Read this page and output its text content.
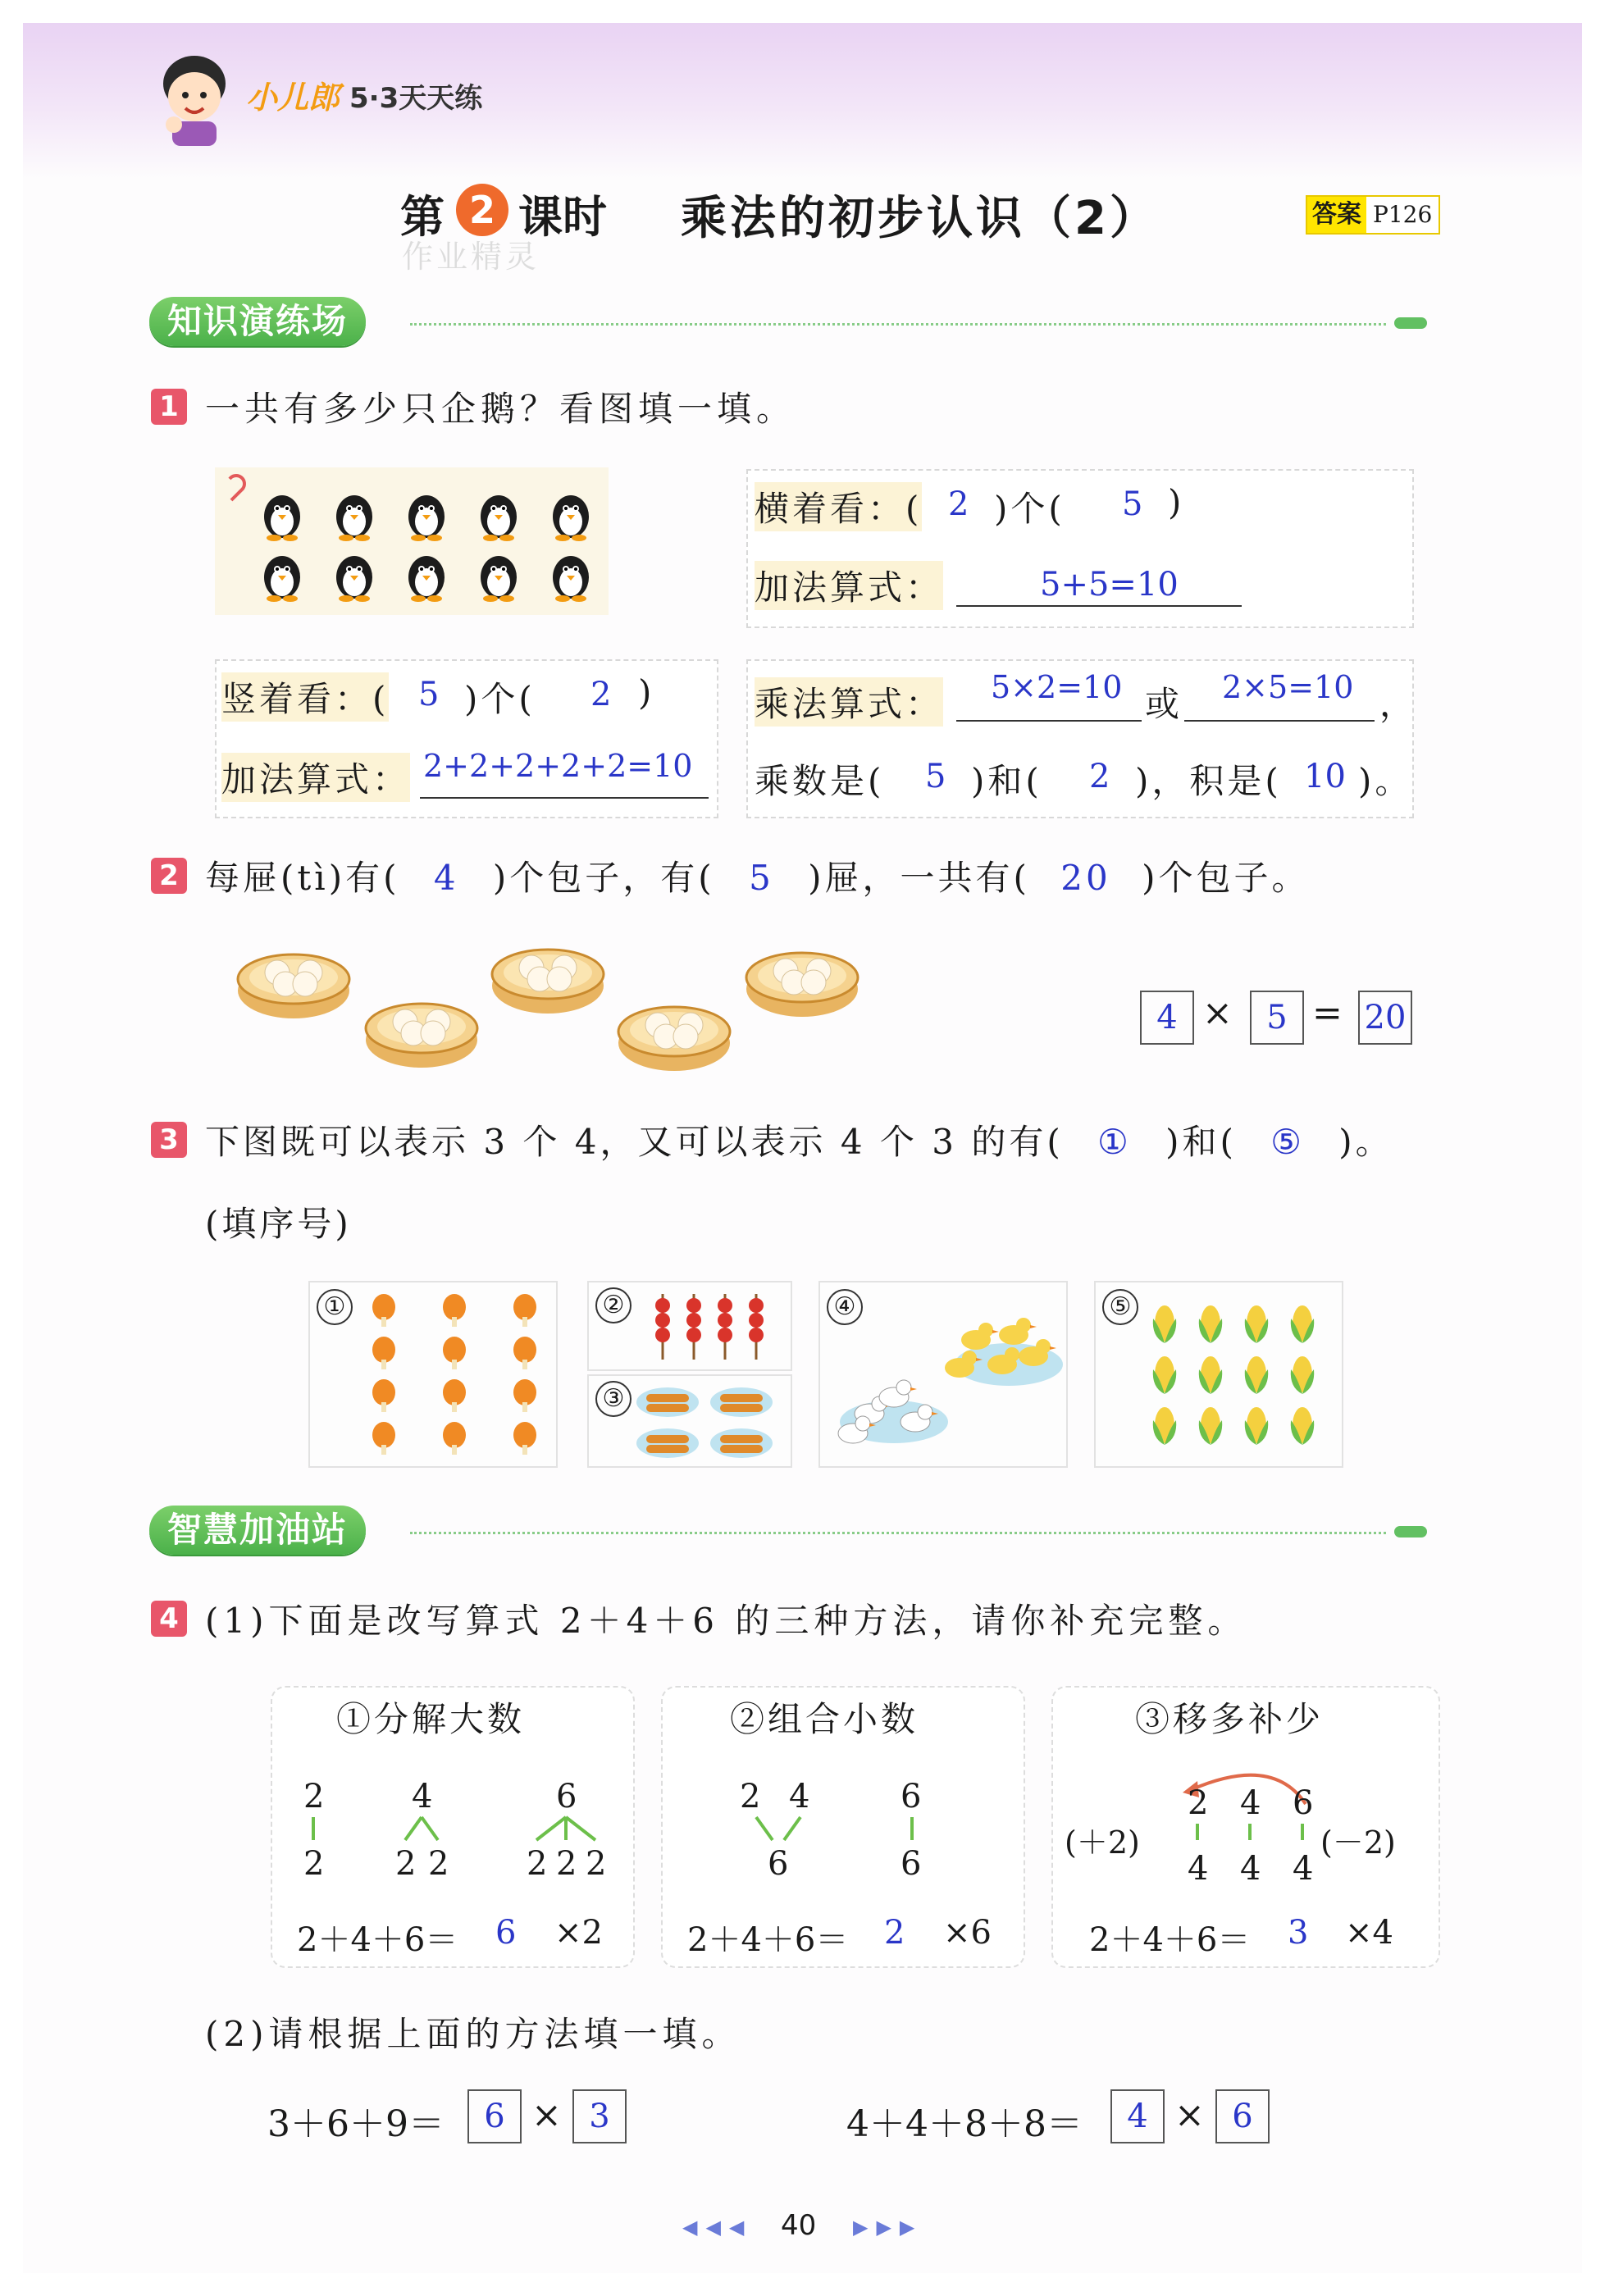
小儿郎 5·3天天练
第 2 课时 乘法的初步认识（2）
作业精灵
答案 P126
知识演练场
1 一共有多少只企鹅？看图填一填。
横着看：( 2 )个( 5 )
加法算式：	5+5=10
竖着看：( 5 )个( 2 )
加法算式： 2+2+2+2+2=10
乘法算式： 5×2=10 或 2×5=10 ，
乘数是( 5 )和( 2 )，积是( 10 )。
2 每屉(tì)有( 4 )个包子，有( 5 )屉，一共有( 20 )个包子。
4 ×	5 = 20
3 下图既可以表示 3 个 4，又可以表示 4 个 3 的有( ① )和( ⑤ )。
(填序号)
①	②
③
④	⑤
智慧加油站
4 (1)下面是改写算式 2＋4＋6 的三种方法，请你补充完整。
①分解大数
2	4	6
2 2 2 2 2 2
2＋4＋6＝ 6 ×2
②组合小数
2 4	6
6	6
2＋4＋6＝ 2 ×6
③移多补少
2 4 6
(＋2)	(－2)
4 4 4
2＋4＋6＝ 3 ×4
(2)请根据上面的方法填一填。
3＋6＋9＝	6 × 3	4＋4＋8＋8＝	4 × 6
◀◀◀ 40 ▶▶▶
